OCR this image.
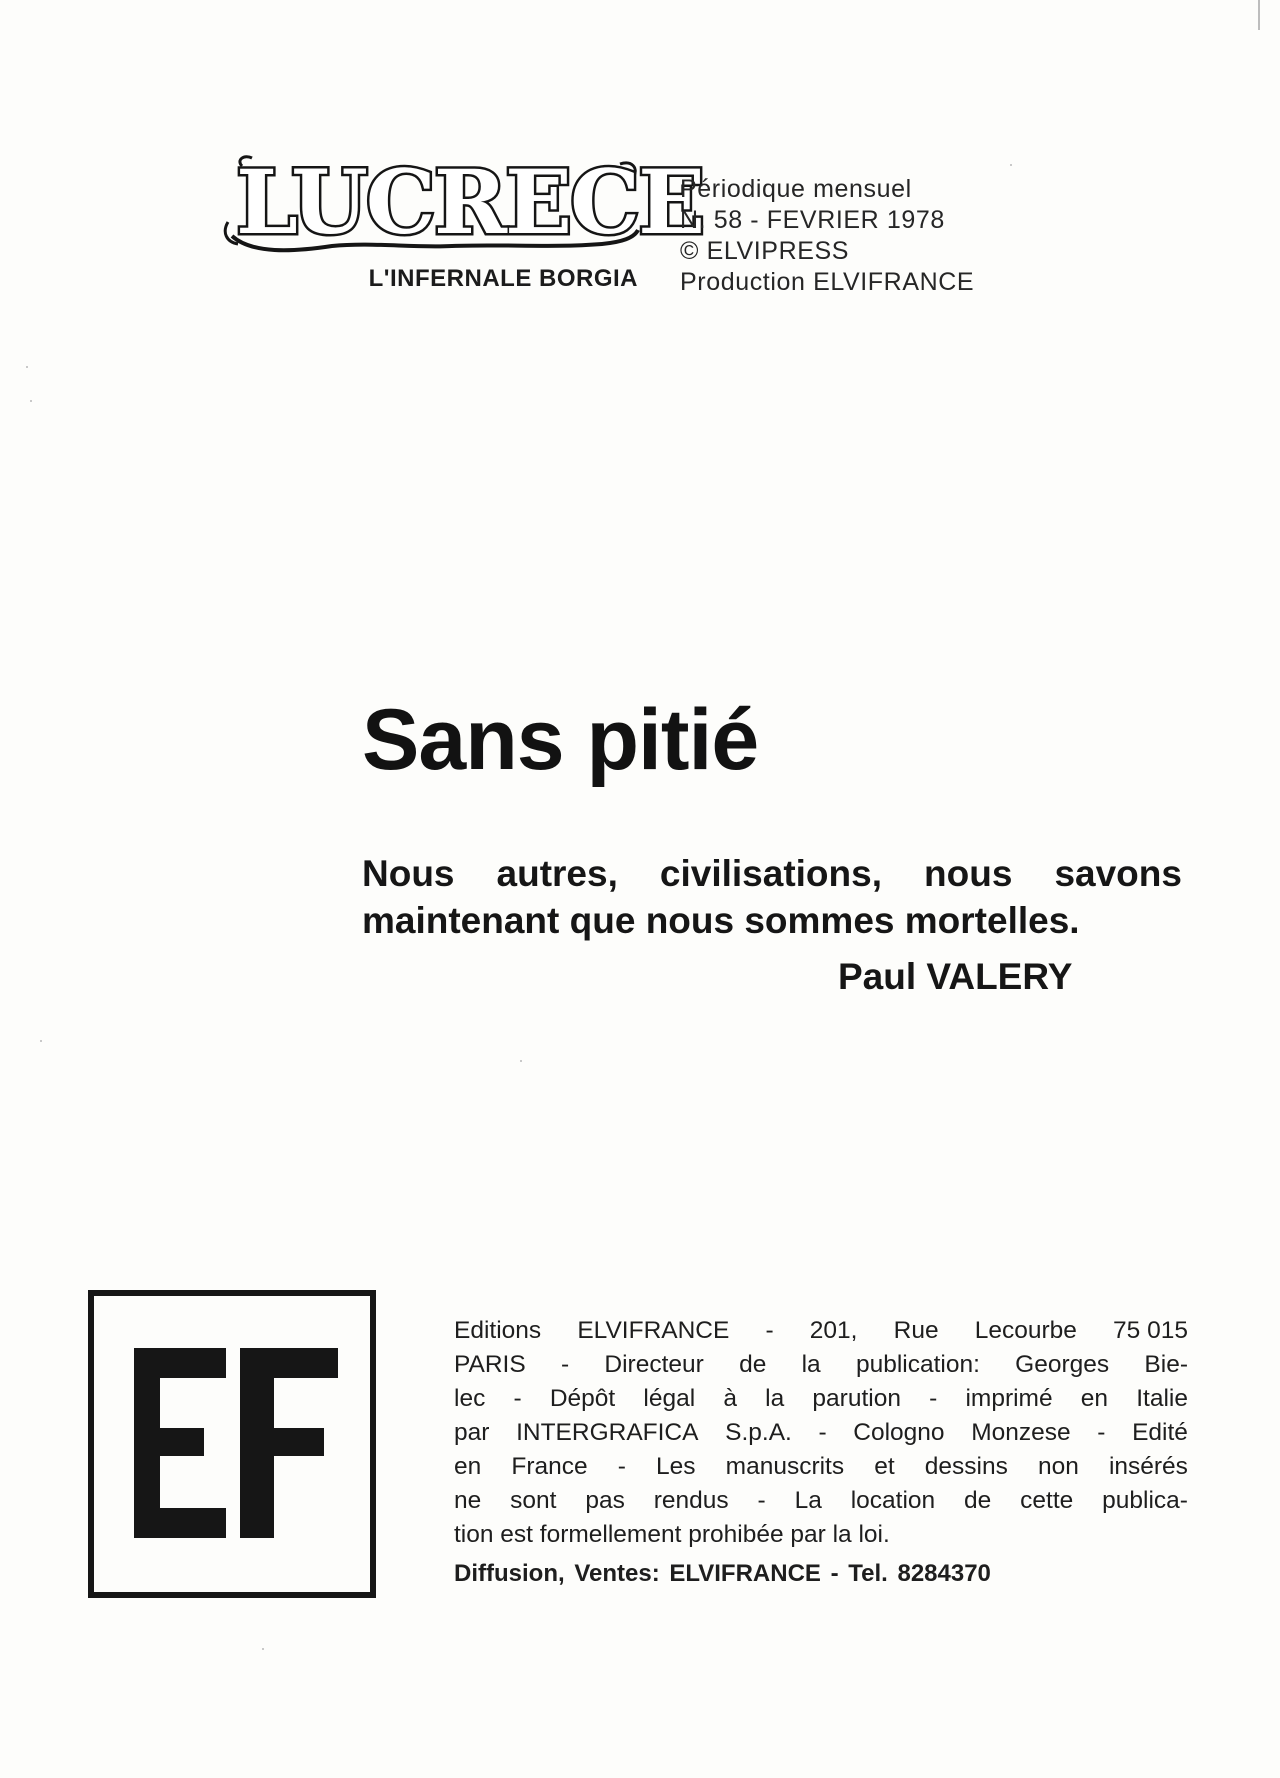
LUCRECE
L'INFERNALE BORGIA
Périodique mensuel
N. 58 - FEVRIER 1978
© ELVIPRESS
Production ELVIFRANCE
Sans pitié
Nous autres, civilisations, nous savons
maintenant que nous sommes mortelles.
Paul VALERY
Editions ELVIFRANCE - 201, Rue Lecourbe 75 015
PARIS - Directeur de la publication: Georges Bie-
lec - Dépôt légal à la parution - imprimé en Italie
par INTERGRAFICA S.p.A. - Cologno Monzese - Edité
en France - Les manuscrits et dessins non insérés
ne sont pas rendus - La location de cette publica-
tion est formellement prohibée par la loi.
Diffusion, Ventes: ELVIFRANCE - Tel. 8284370
